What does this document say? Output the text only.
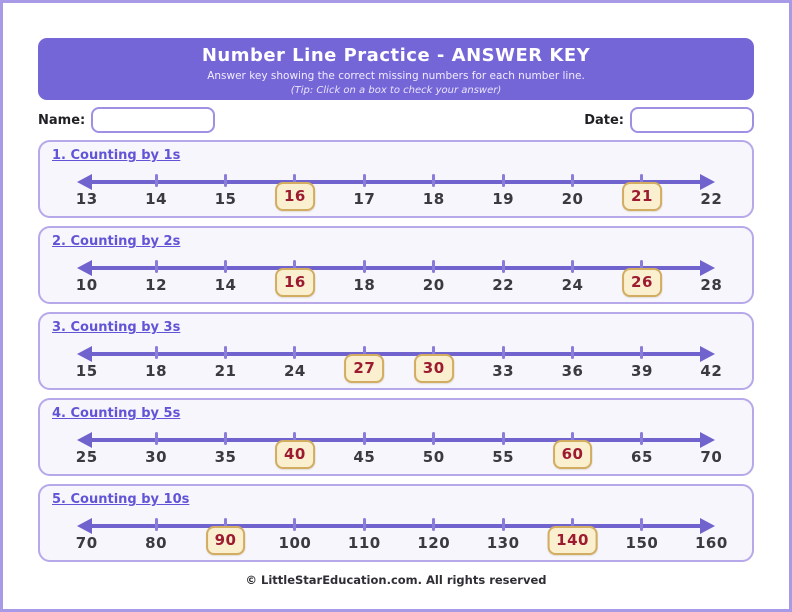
Number Line Practice - ANSWER KEY
Answer key showing the correct missing numbers for each number line.
(Tip: Click on a box to check your answer)
Name:	Date:
1. Counting by 1s
13	14	15	16	17	18	19	20	21	22
2. Counting by 2s
10	12	14	16	18	20	22	24	26	28
3. Counting by 3s
15	18	21	24	27	30	33	36	39	42
4. Counting by 5s
25	30	35	40	45	50	55	60	65	70
5. Counting by 10s
70	80	90	100	110	120	130	140	150	160
© LittleStarEducation.com. All rights reserved
